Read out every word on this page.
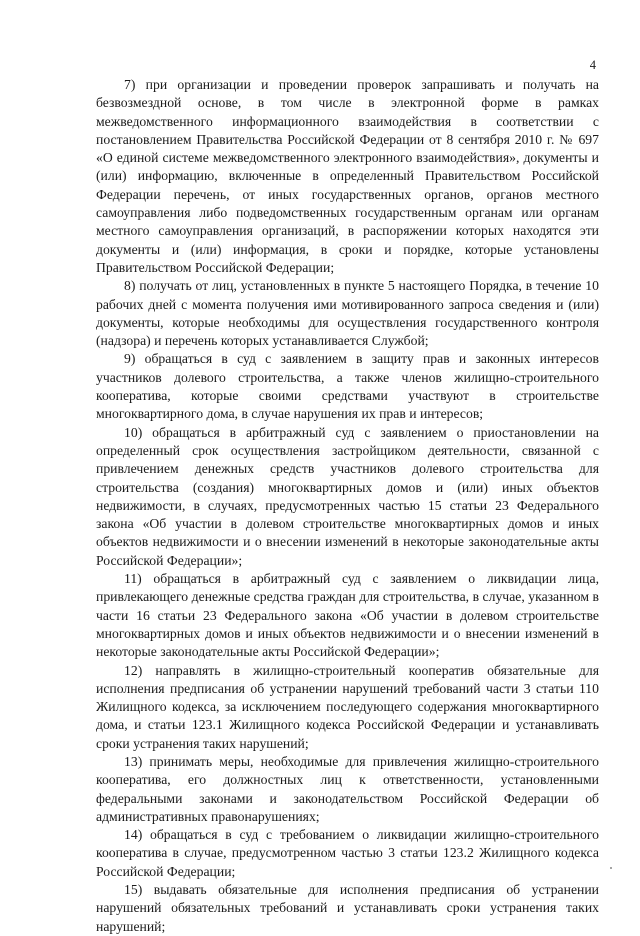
4

7) при организации и проведении проверок запрашивать и получать на безвозмездной основе, в том числе в электронной форме в рамках межведомственного информационного взаимодействия в соответствии с постановлением Правительства Российской Федерации от 8 сентября 2010 г. № 697 «О единой системе межведомственного электронного взаимодействия», документы и (или) информацию, включенные в определенный Правительством Российской Федерации перечень, от иных государственных органов, органов местного самоуправления либо подведомственных государственным органам или органам местного самоуправления организаций, в распоряжении которых находятся эти документы и (или) информация, в сроки и порядке, которые установлены Правительством Российской Федерации;

8) получать от лиц, установленных в пункте 5 настоящего Порядка, в течение 10 рабочих дней с момента получения ими мотивированного запроса сведения и (или) документы, которые необходимы для осуществления государственного контроля (надзора) и перечень которых устанавливается Службой;

9) обращаться в суд с заявлением в защиту прав и законных интересов участников долевого строительства, а также членов жилищно-строительного кооператива, которые своими средствами участвуют в строительстве многоквартирного дома, в случае нарушения их прав и интересов;

10) обращаться в арбитражный суд с заявлением о приостановлении на определенный срок осуществления застройщиком деятельности, связанной с привлечением денежных средств участников долевого строительства для строительства (создания) многоквартирных домов и (или) иных объектов недвижимости, в случаях, предусмотренных частью 15 статьи 23 Федерального закона «Об участии в долевом строительстве многоквартирных домов и иных объектов недвижимости и о внесении изменений в некоторые законодательные акты Российской Федерации»;

11) обращаться в арбитражный суд с заявлением о ликвидации лица, привлекающего денежные средства граждан для строительства, в случае, указанном в части 16 статьи 23 Федерального закона «Об участии в долевом строительстве многоквартирных домов и иных объектов недвижимости и о внесении изменений в некоторые законодательные акты Российской Федерации»;

12) направлять в жилищно-строительный кооператив обязательные для исполнения предписания об устранении нарушений требований части 3 статьи 110 Жилищного кодекса, за исключением последующего содержания многоквартирного дома, и статьи 123.1 Жилищного кодекса Российской Федерации и устанавливать сроки устранения таких нарушений;

13) принимать меры, необходимые для привлечения жилищно-строительного кооператива, его должностных лиц к ответственности, установленными федеральными законами и законодательством Российской Федерации об административных правонарушениях;

14) обращаться в суд с требованием о ликвидации жилищно-строительного кооператива в случае, предусмотренном частью 3 статьи 123.2 Жилищного кодекса Российской Федерации;

15) выдавать обязательные для исполнения предписания об устранении нарушений обязательных требований и устанавливать сроки устранения таких нарушений;
